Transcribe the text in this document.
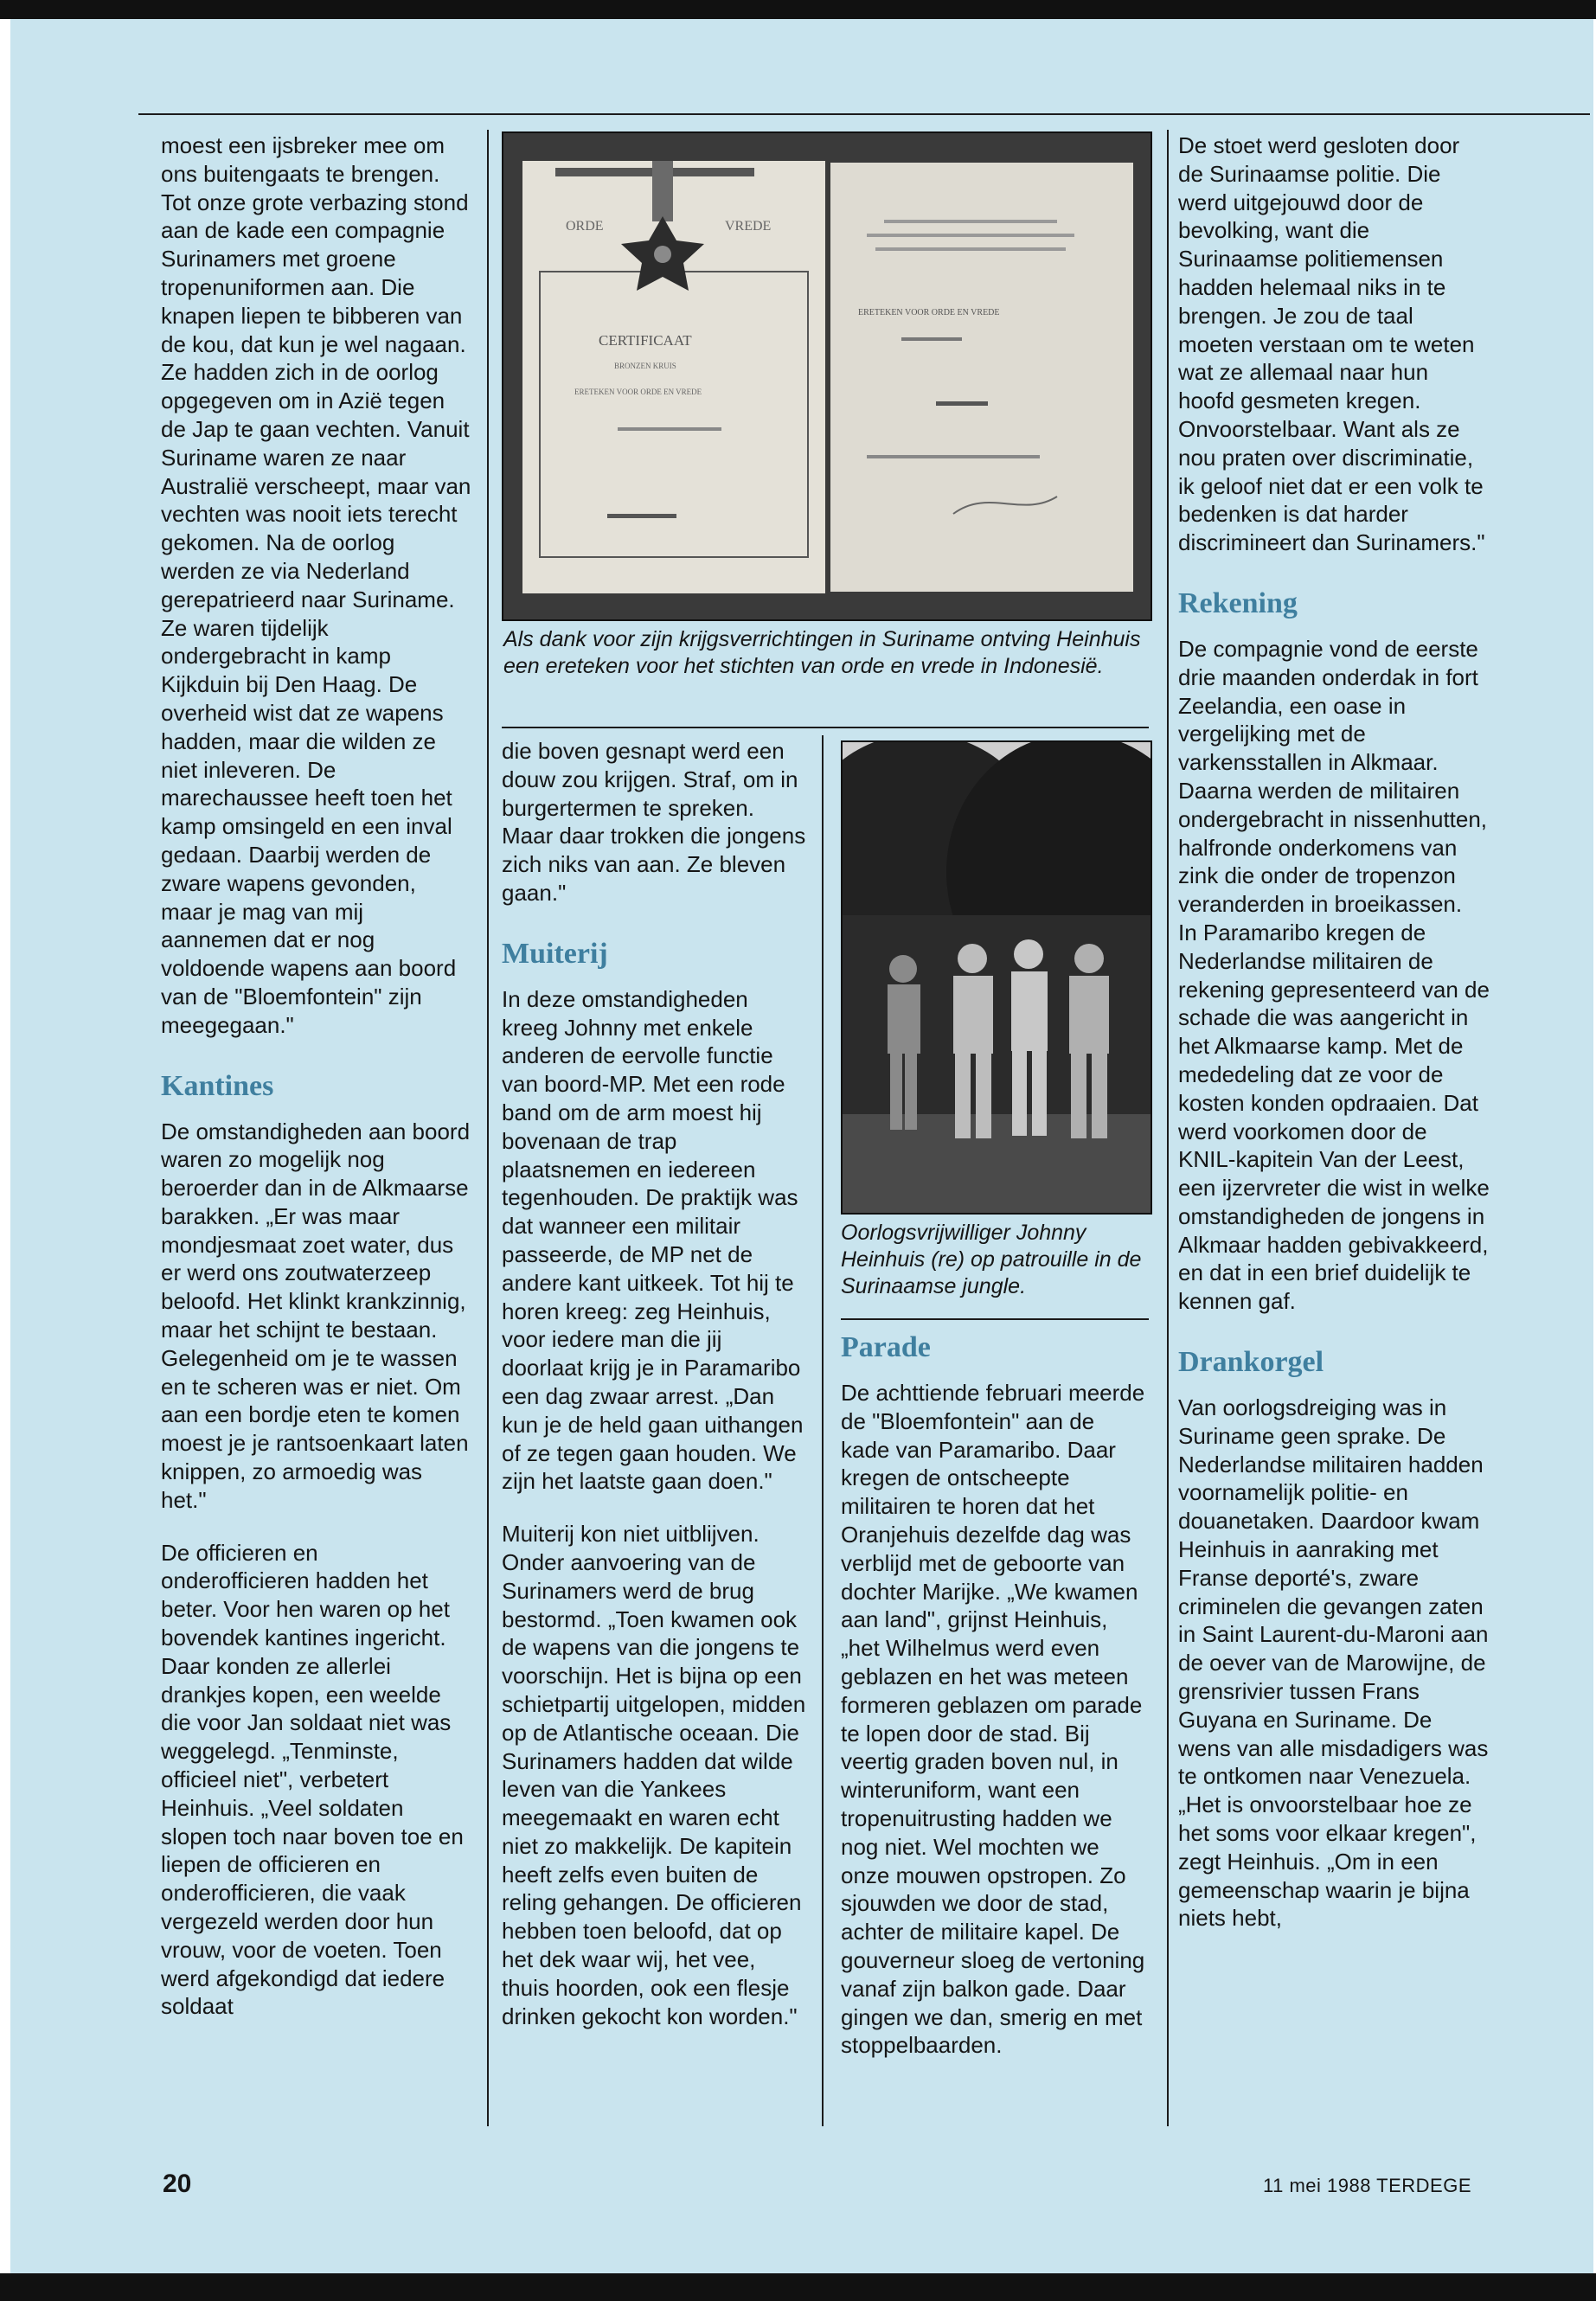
moest een ijsbreker mee om ons buitengaats te brengen. Tot onze grote verbazing stond aan de kade een compagnie Surinamers met groene tropenuniformen aan. Die knapen liepen te bibberen van de kou, dat kun je wel nagaan. Ze hadden zich in de oorlog opgegeven om in Azië tegen de Jap te gaan vechten. Vanuit Suriname waren ze naar Australië verscheept, maar van vechten was nooit iets terecht gekomen. Na de oorlog werden ze via Nederland gerepatrieerd naar Suriname. Ze waren tijdelijk ondergebracht in kamp Kijkduin bij Den Haag. De overheid wist dat ze wapens hadden, maar die wilden ze niet inleveren. De marechaussee heeft toen het kamp omsingeld en een inval gedaan. Daarbij werden de zware wapens gevonden, maar je mag van mij aannemen dat er nog voldoende wapens aan boord van de "Bloemfontein" zijn meegegaan."

Kantines

De omstandigheden aan boord waren zo mogelijk nog beroerder dan in de Alkmaarse barakken. „Er was maar mondjesmaat zoet water, dus er werd ons zoutwaterzeep beloofd. Het klinkt krankzinnig, maar het schijnt te bestaan. Gelegenheid om je te wassen en te scheren was er niet. Om aan een bordje eten te komen moest je je rantsoenkaart laten knippen, zo armoedig was het."

De officieren en onderofficieren hadden het beter. Voor hen waren op het bovendek kantines ingericht. Daar konden ze allerlei drankjes kopen, een weelde die voor Jan soldaat niet was weggelegd. „Tenminste, officieel niet", verbetert Heinhuis. „Veel soldaten slopen toch naar boven toe en liepen de officieren en onderofficieren, die vaak vergezeld werden door hun vrouw, voor de voeten. Toen werd afgekondigd dat iedere soldaat

ORDE	VREDE
CERTIFICAAT
BRONZEN KRUIS
ERETEKEN VOOR ORDE EN VREDE
ERETEKEN VOOR ORDE EN VREDE
Als dank voor zijn krijgsverrichtingen in Suriname ontving Heinhuis een ereteken voor het stichten van orde en vrede in Indonesië.

die boven gesnapt werd een douw zou krijgen. Straf, om in burgertermen te spreken. Maar daar trokken die jongens zich niks van aan. Ze bleven gaan."

Muiterij

In deze omstandigheden kreeg Johnny met enkele anderen de eervolle functie van boord-MP. Met een rode band om de arm moest hij bovenaan de trap plaatsnemen en iedereen tegenhouden. De praktijk was dat wanneer een militair passeerde, de MP net de andere kant uitkeek. Tot hij te horen kreeg: zeg Heinhuis, voor iedere man die jij doorlaat krijg je in Paramaribo een dag zwaar arrest. „Dan kun je de held gaan uithangen of ze tegen gaan houden. We zijn het laatste gaan doen."

Muiterij kon niet uitblijven. Onder aanvoering van de Surinamers werd de brug bestormd. „Toen kwamen ook de wapens van die jongens te voorschijn. Het is bijna op een schietpartij uitgelopen, midden op de Atlantische oceaan. Die Surinamers hadden dat wilde leven van die Yankees meegemaakt en waren echt niet zo makkelijk. De kapitein heeft zelfs even buiten de reling gehangen. De officieren hebben toen beloofd, dat op het dek waar wij, het vee, thuis hoorden, ook een flesje drinken gekocht kon worden."

Oorlogsvrijwilliger Johnny Heinhuis (re) op patrouille in de Surinaamse jungle.
Parade

De achttiende februari meerde de "Bloemfontein" aan de kade van Paramaribo. Daar kregen de ontscheepte militairen te horen dat het Oranjehuis dezelfde dag was verblijd met de geboorte van dochter Marijke. „We kwamen aan land", grijnst Heinhuis, „het Wilhelmus werd even geblazen en het was meteen formeren geblazen om parade te lopen door de stad. Bij veertig graden boven nul, in winteruniform, want een tropenuitrusting hadden we nog niet. Wel mochten we onze mouwen opstropen. Zo sjouwden we door de stad, achter de militaire kapel. De gouverneur sloeg de vertoning vanaf zijn balkon gade. Daar gingen we dan, smerig en met stoppelbaarden.

De stoet werd gesloten door de Surinaamse politie. Die werd uitgejouwd door de bevolking, want die Surinaamse politiemensen hadden helemaal niks in te brengen. Je zou de taal moeten verstaan om te weten wat ze allemaal naar hun hoofd gesmeten kregen. Onvoorstelbaar. Want als ze nou praten over discriminatie, ik geloof niet dat er een volk te bedenken is dat harder discrimineert dan Surinamers."

Rekening

De compagnie vond de eerste drie maanden onderdak in fort Zeelandia, een oase in vergelijking met de varkensstallen in Alkmaar. Daarna werden de militairen ondergebracht in nissenhutten, halfronde onderkomens van zink die onder de tropenzon veranderden in broeikassen.

In Paramaribo kregen de Nederlandse militairen de rekening gepresenteerd van de schade die was aangericht in het Alkmaarse kamp. Met de mededeling dat ze voor de kosten konden opdraaien. Dat werd voorkomen door de KNIL-kapitein Van der Leest, een ijzervreter die wist in welke omstandigheden de jongens in Alkmaar hadden gebivakkeerd, en dat in een brief duidelijk te kennen gaf.

Drankorgel

Van oorlogsdreiging was in Suriname geen sprake. De Nederlandse militairen hadden voornamelijk politie- en douanetaken. Daardoor kwam Heinhuis in aanraking met Franse deporté's, zware criminelen die gevangen zaten in Saint Laurent-du-Maroni aan de oever van de Marowijne, de grensrivier tussen Frans Guyana en Suriname. De wens van alle misdadigers was te ontkomen naar Venezuela.

„Het is onvoorstelbaar hoe ze het soms voor elkaar kregen", zegt Heinhuis. „Om in een gemeenschap waarin je bijna niets hebt,

20	11 mei 1988 TERDEGE
